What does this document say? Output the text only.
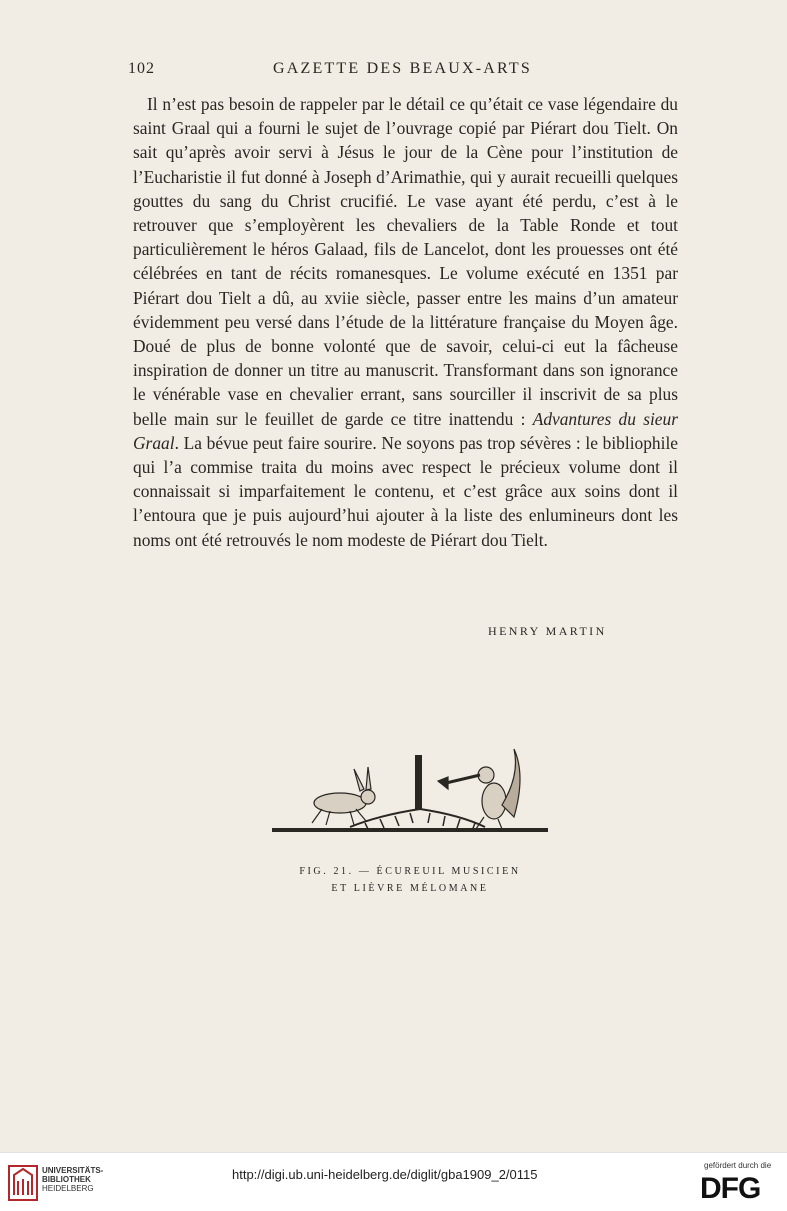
102	GAZETTE DES BEAUX-ARTS

Il n’est pas besoin de rappeler par le détail ce qu’était ce vase légendaire du saint Graal qui a fourni le sujet de l’ouvrage copié par Piérart dou Tielt. On sait qu’après avoir servi à Jésus le jour de la Cène pour l’institution de l’Eucharistie il fut donné à Joseph d’Arimathie, qui y aurait recueilli quelques gouttes du sang du Christ crucifié. Le vase ayant été perdu, c’est à le retrouver que s’employèrent les chevaliers de la Table Ronde et tout particulièrement le héros Galaad, fils de Lancelot, dont les prouesses ont été célébrées en tant de récits romanesques. Le volume exécuté en 1351 par Piérart dou Tielt a dû, au xviie siècle, passer entre les mains d’un amateur évidemment peu versé dans l’étude de la littérature française du Moyen âge. Doué de plus de bonne volonté que de savoir, celui-ci eut la fâcheuse inspiration de donner un titre au manuscrit. Transformant dans son ignorance le vénérable vase en chevalier errant, sans sourciller il inscrivit de sa plus belle main sur le feuillet de garde ce titre inattendu : Advantures du sieur Graal. La bévue peut faire sourire. Ne soyons pas trop sévères : le bibliophile qui l’a commise traita du moins avec respect le précieux volume dont il connaissait si imparfaitement le contenu, et c’est grâce aux soins dont il l’entoura que je puis aujourd’hui ajouter à la liste des enlumineurs dont les noms ont été retrouvés le nom modeste de Piérart dou Tielt.

HENRY MARTIN
FIG. 21. — ÉCUREUIL MUSICIEN
ET LIÈVRE MÉLOMANE
UNIVERSITÄTS-
BIBLIOTHEK
HEIDELBERG
http://digi.ub.uni-heidelberg.de/diglit/gba1909_2/0115
gefördert durch die
DFG
